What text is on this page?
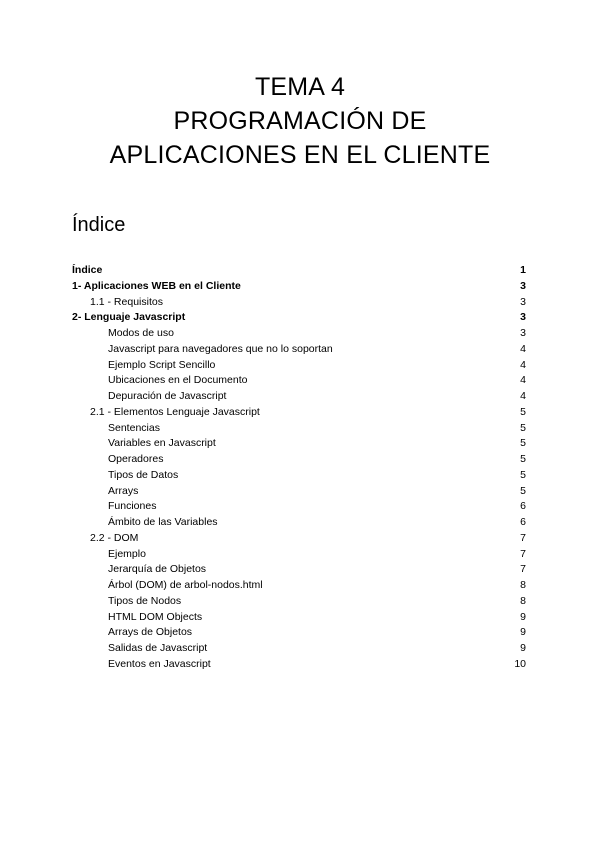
TEMA 4
PROGRAMACIÓN DE
APLICACIONES EN EL CLIENTE
Índice
Índice	1
1- Aplicaciones WEB en el Cliente	3
1.1 - Requisitos	3
2- Lenguaje Javascript	3
Modos de uso	3
Javascript para navegadores que no lo soportan	4
Ejemplo Script Sencillo	4
Ubicaciones en el Documento	4
Depuración de Javascript	4
2.1 - Elementos Lenguaje Javascript	5
Sentencias	5
Variables en Javascript	5
Operadores	5
Tipos de Datos	5
Arrays	5
Funciones	6
Ámbito de las Variables	6
2.2 - DOM	7
Ejemplo	7
Jerarquía de Objetos	7
Árbol (DOM) de arbol-nodos.html	8
Tipos de Nodos	8
HTML DOM Objects	9
Arrays de Objetos	9
Salidas de Javascript	9
Eventos en Javascript	10
